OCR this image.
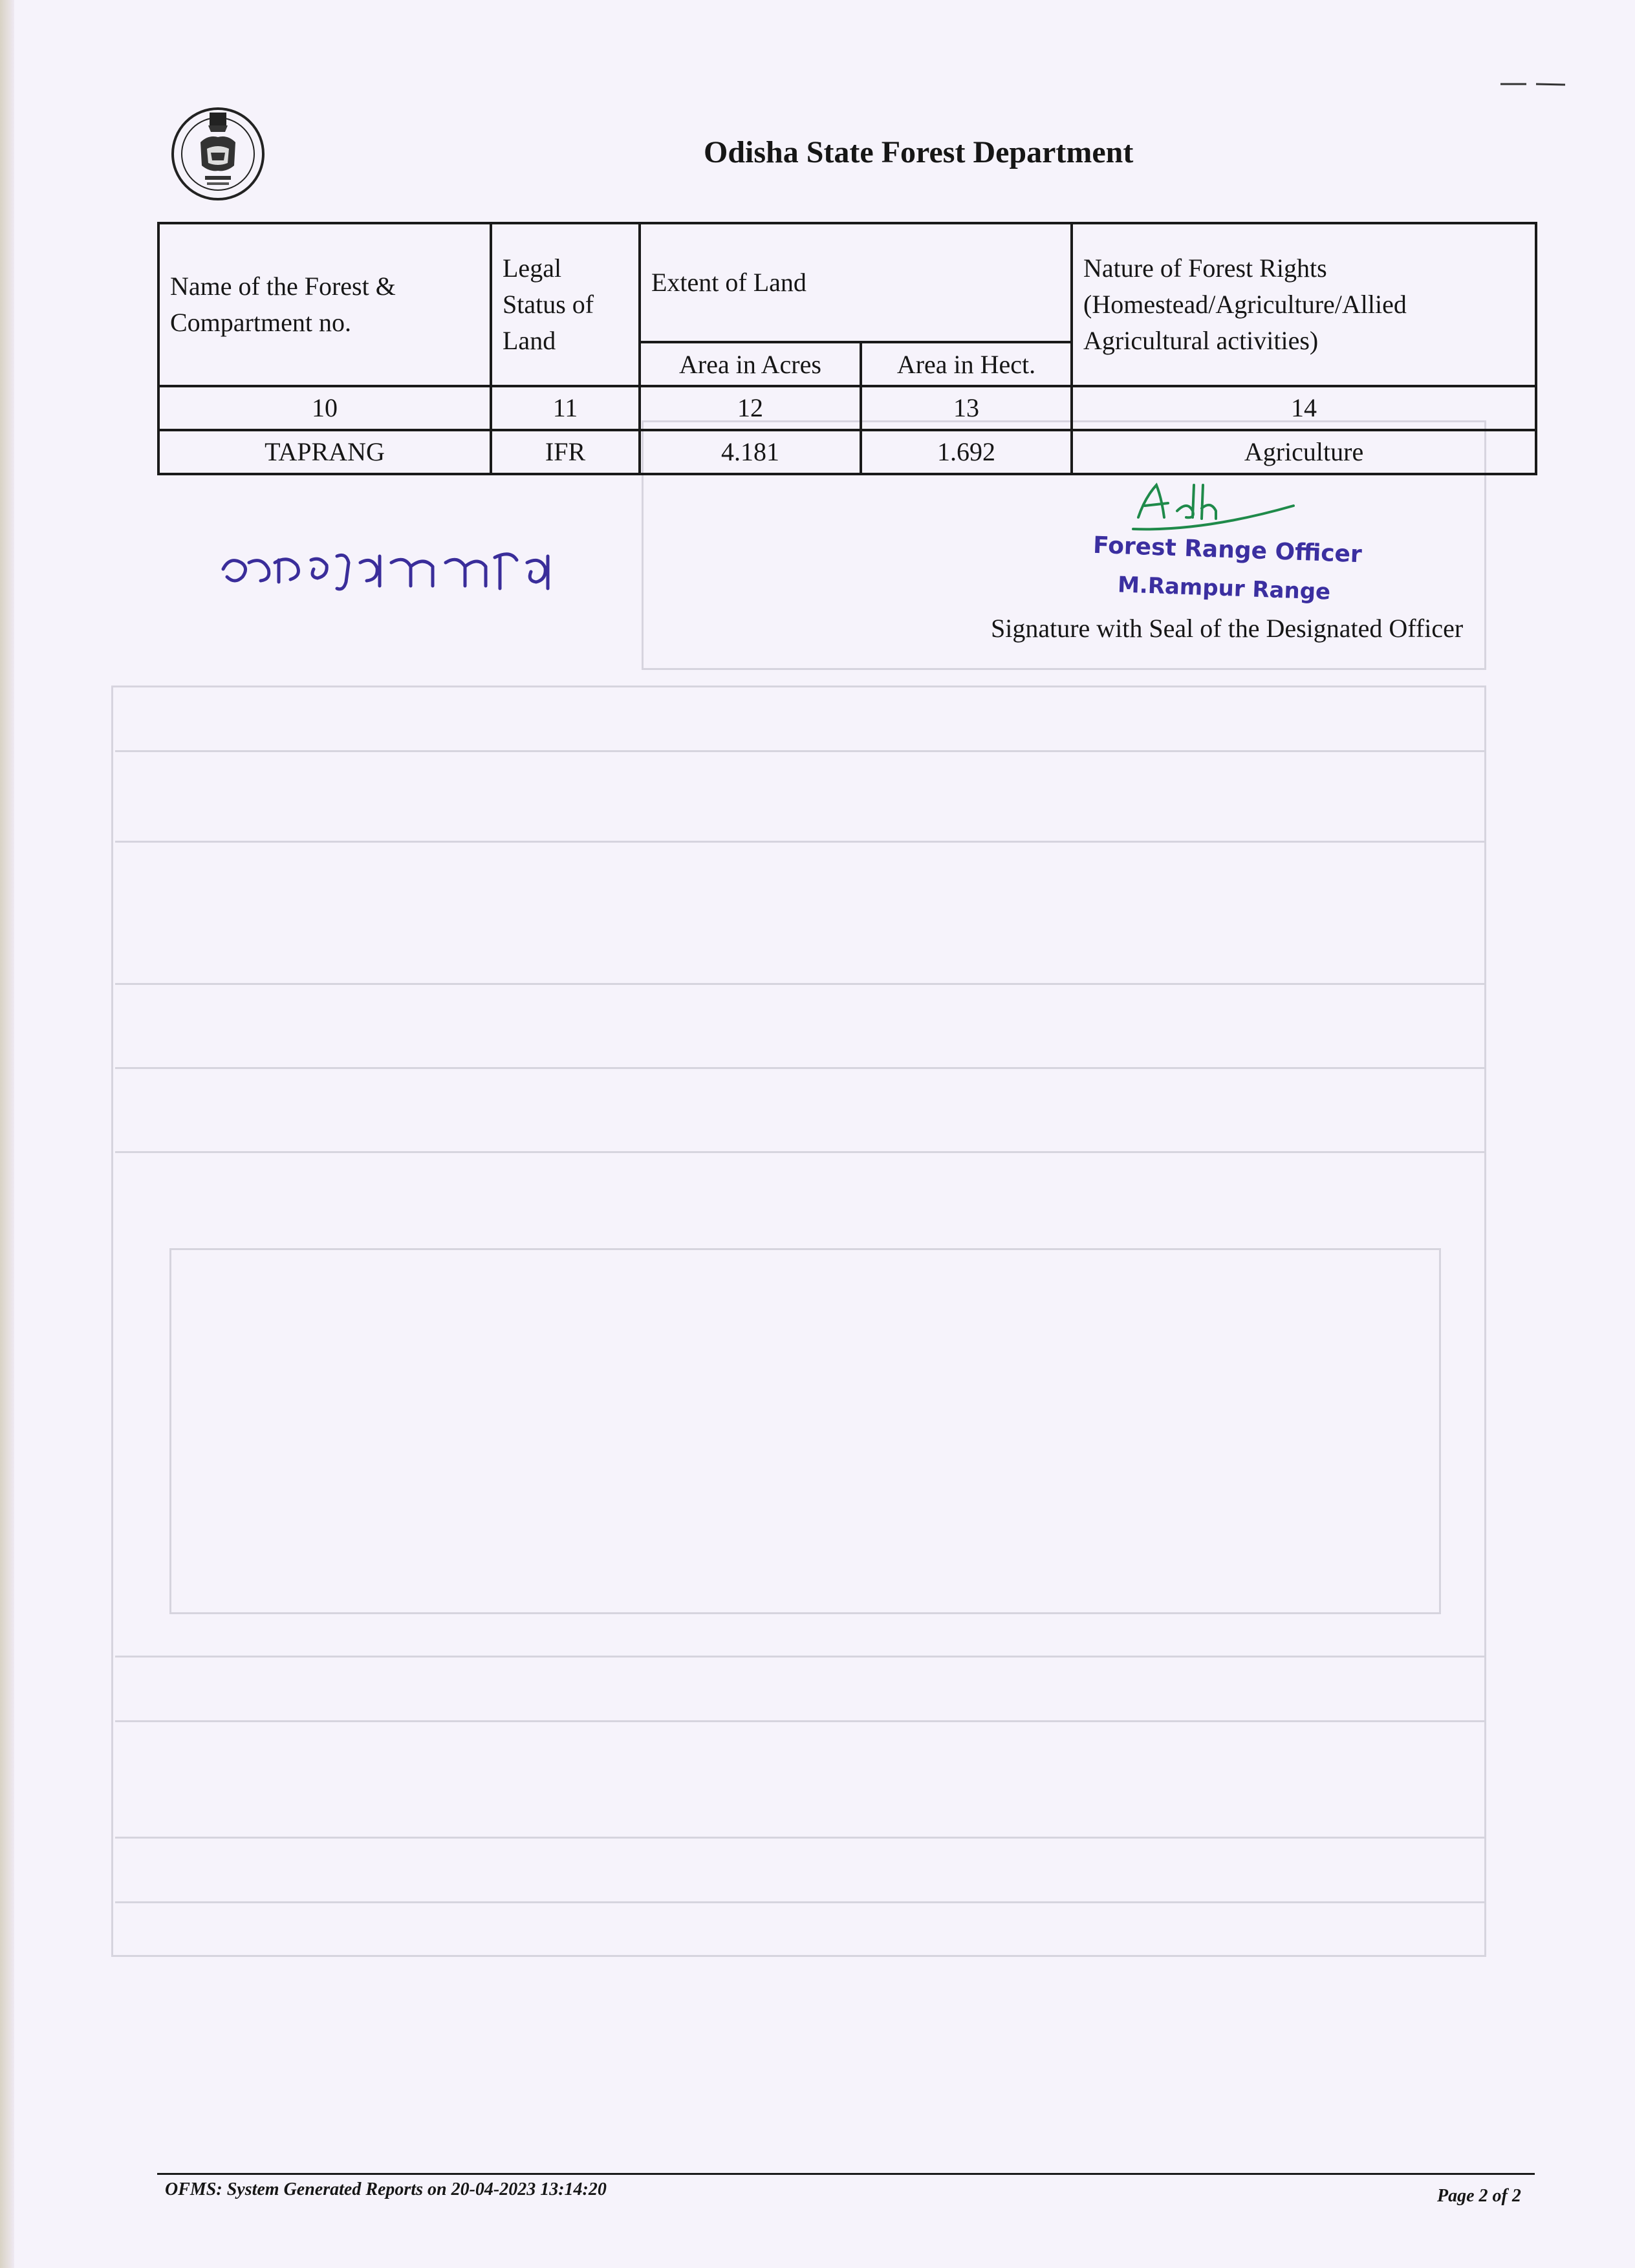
Odisha State Forest Department
Name of the Forest & Compartment no.	Legal Status of Land	Extent of Land		Nature of Forest Rights (Homestead/Agriculture/Allied Agricultural activities)
		Area in Acres	Area in Hect.	
10	11	12	13	14
TAPRANG	IFR	4.181	1.692	Agriculture
Forest Range Officer
M.Rampur Range
Signature with Seal of the Designated Officer
OFMS: System Generated Reports on 20-04-2023 13:14:20	Page 2 of 2
